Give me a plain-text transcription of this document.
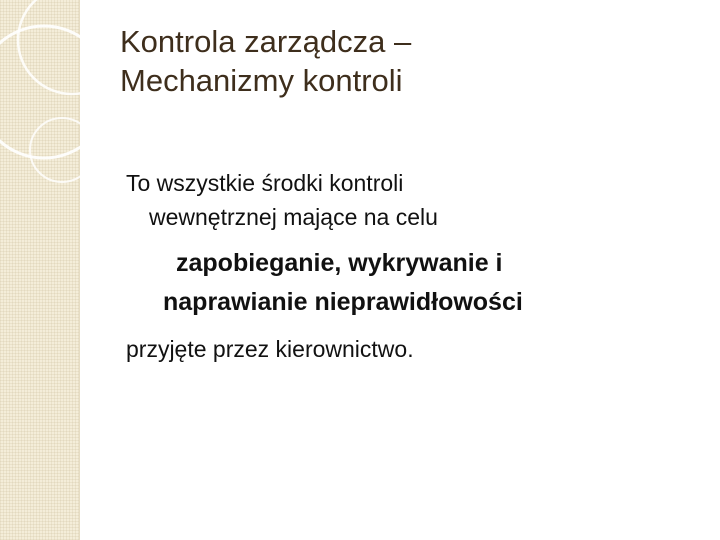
Kontrola zarządcza –
Mechanizmy kontroli

To wszystkie środki kontroli
wewnętrznej mające na celu

zapobieganie, wykrywanie i
naprawianie nieprawidłowości

przyjęte przez kierownictwo.
